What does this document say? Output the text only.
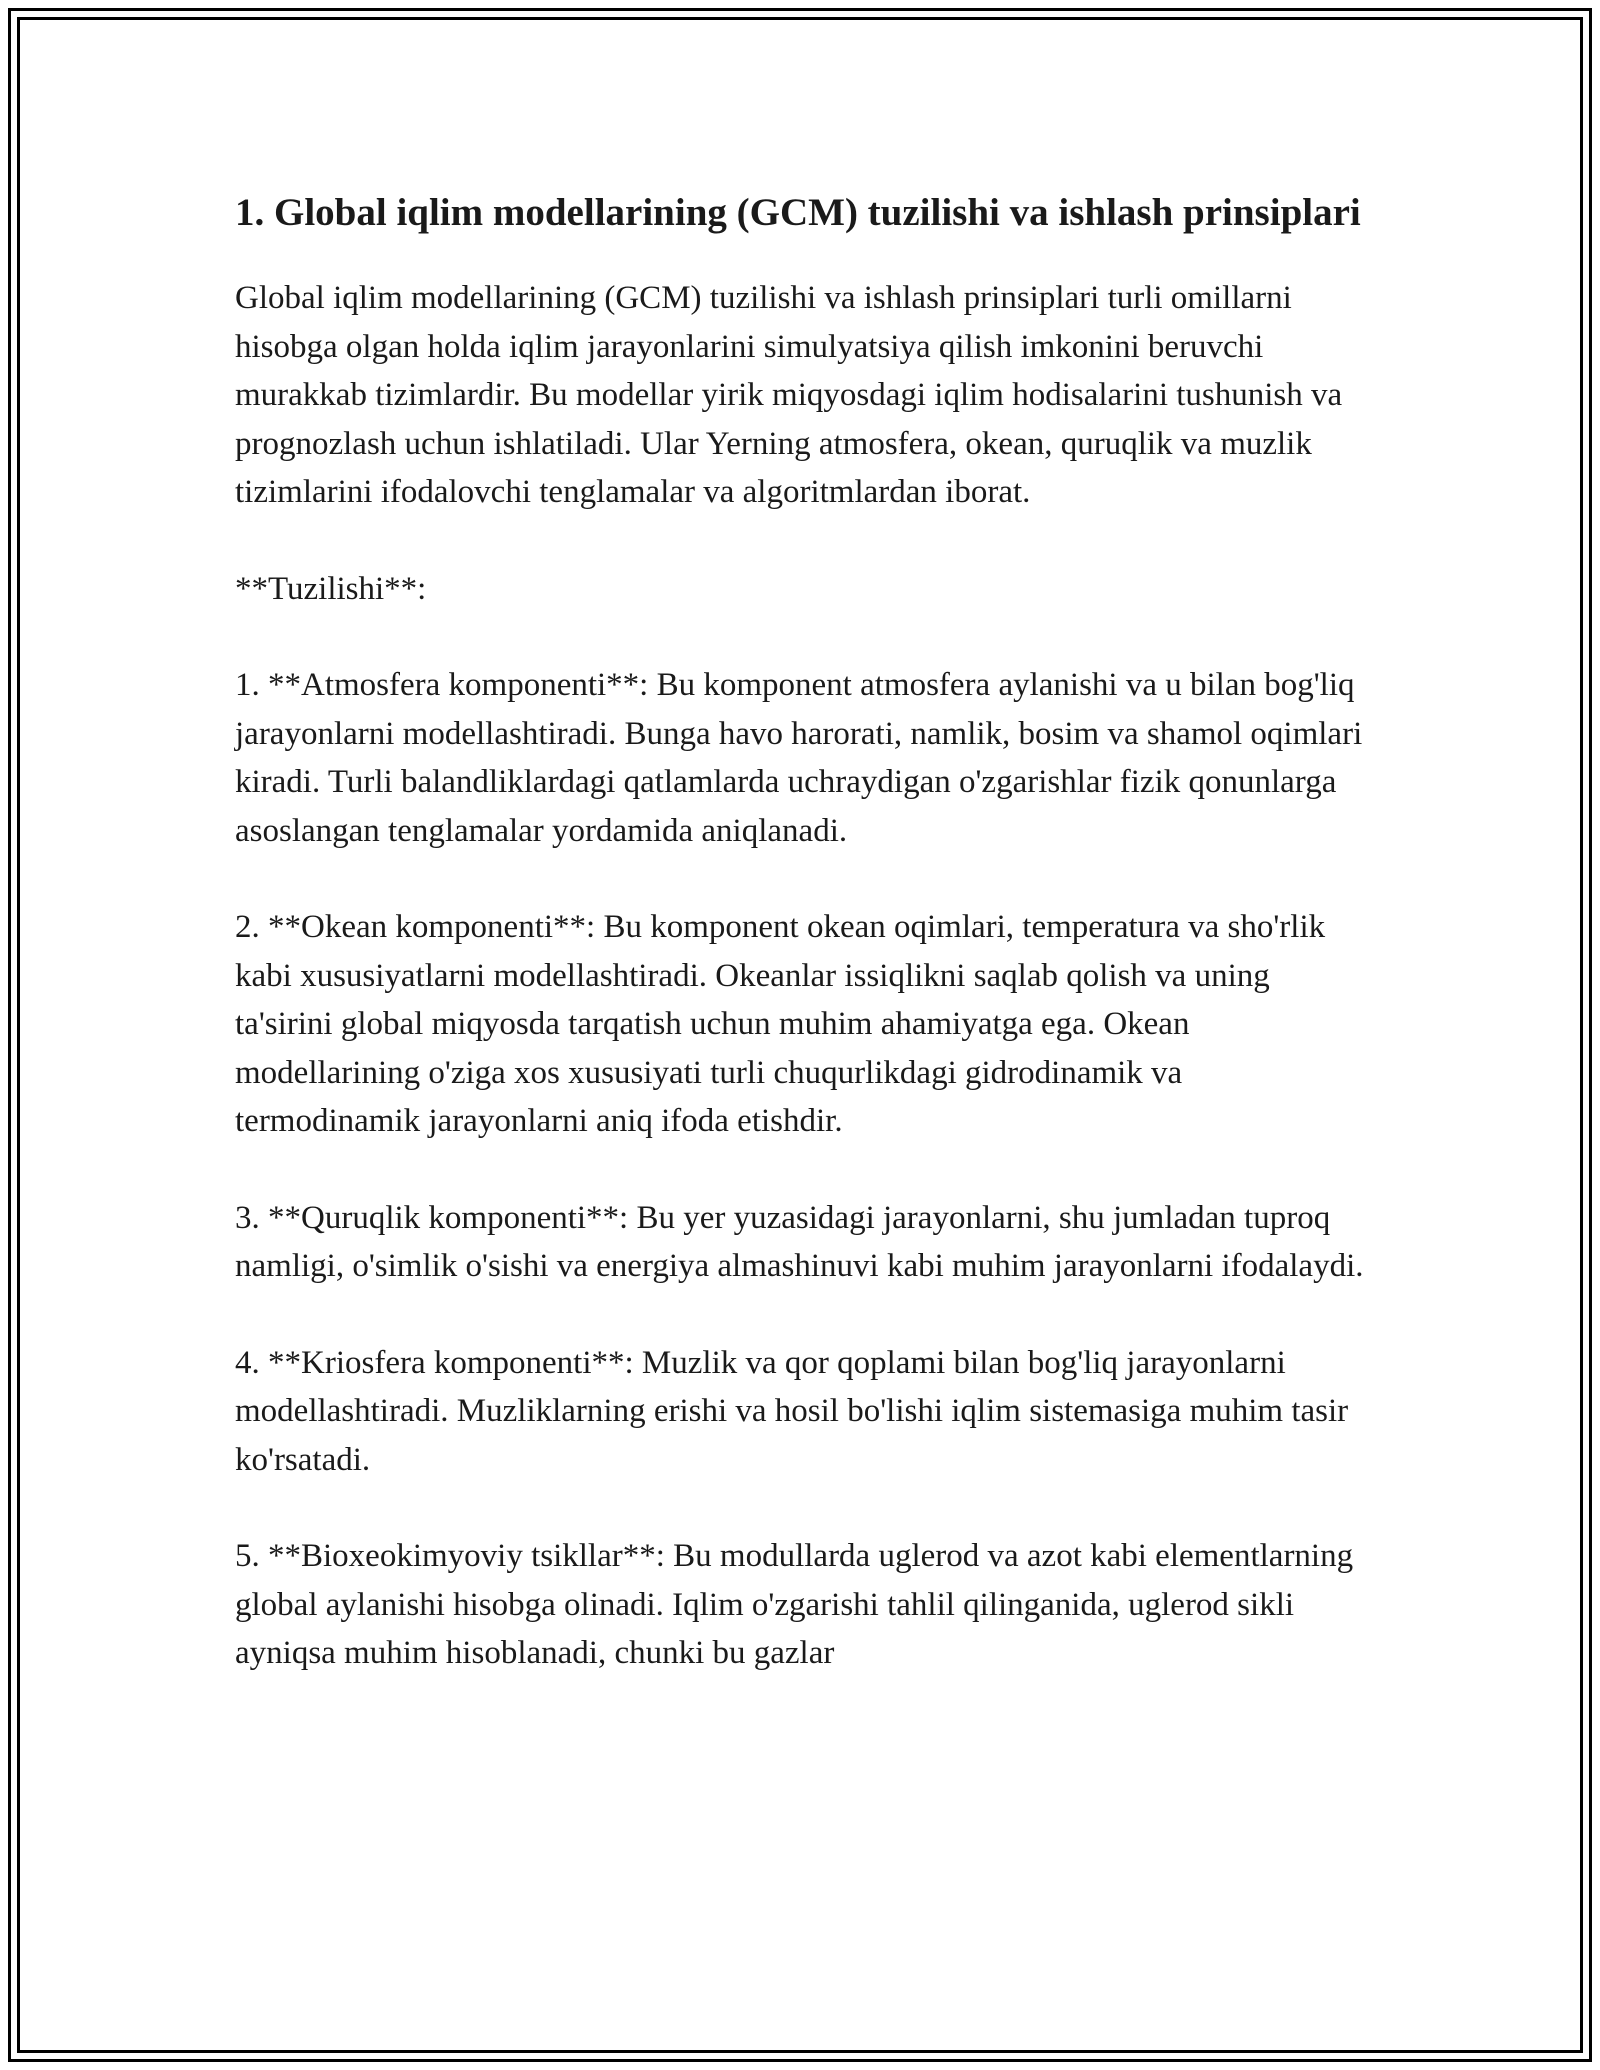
1. Global iqlim modellarining (GCM) tuzilishi va ishlash prinsiplari

Global iqlim modellarining (GCM) tuzilishi va ishlash prinsiplari turli omillarni hisobga olgan holda iqlim jarayonlarini simulyatsiya qilish imkonini beruvchi murakkab tizimlardir. Bu modellar yirik miqyosdagi iqlim hodisalarini tushunish va prognozlash uchun ishlatiladi. Ular Yerning atmosfera, okean, quruqlik va muzlik tizimlarini ifodalovchi tenglamalar va algoritmlardan iborat.

**Tuzilishi**:

1. **Atmosfera komponenti**: Bu komponent atmosfera aylanishi va u bilan bog'liq jarayonlarni modellashtiradi. Bunga havo harorati, namlik, bosim va shamol oqimlari kiradi. Turli balandliklardagi qatlamlarda uchraydigan o'zgarishlar fizik qonunlarga asoslangan tenglamalar yordamida aniqlanadi.

2. **Okean komponenti**: Bu komponent okean oqimlari, temperatura va sho'rlik kabi xususiyatlarni modellashtiradi. Okeanlar issiqlikni saqlab qolish va uning ta'sirini global miqyosda tarqatish uchun muhim ahamiyatga ega. Okean modellarining o'ziga xos xususiyati turli chuqurlikdagi gidrodinamik va termodinamik jarayonlarni aniq ifoda etishdir.

3. **Quruqlik komponenti**: Bu yer yuzasidagi jarayonlarni, shu jumladan tuproq namligi, o'simlik o'sishi va energiya almashinuvi kabi muhim jarayonlarni ifodalaydi.

4. **Kriosfera komponenti**: Muzlik va qor qoplami bilan bog'liq jarayonlarni modellashtiradi. Muzliklarning erishi va hosil bo'lishi iqlim sistemasiga muhim tasir ko'rsatadi.

5. **Bioxeokimyoviy tsikllar**: Bu modullarda uglerod va azot kabi elementlarning global aylanishi hisobga olinadi. Iqlim o'zgarishi tahlil qilinganida, uglerod sikli ayniqsa muhim hisoblanadi, chunki bu gazlar
